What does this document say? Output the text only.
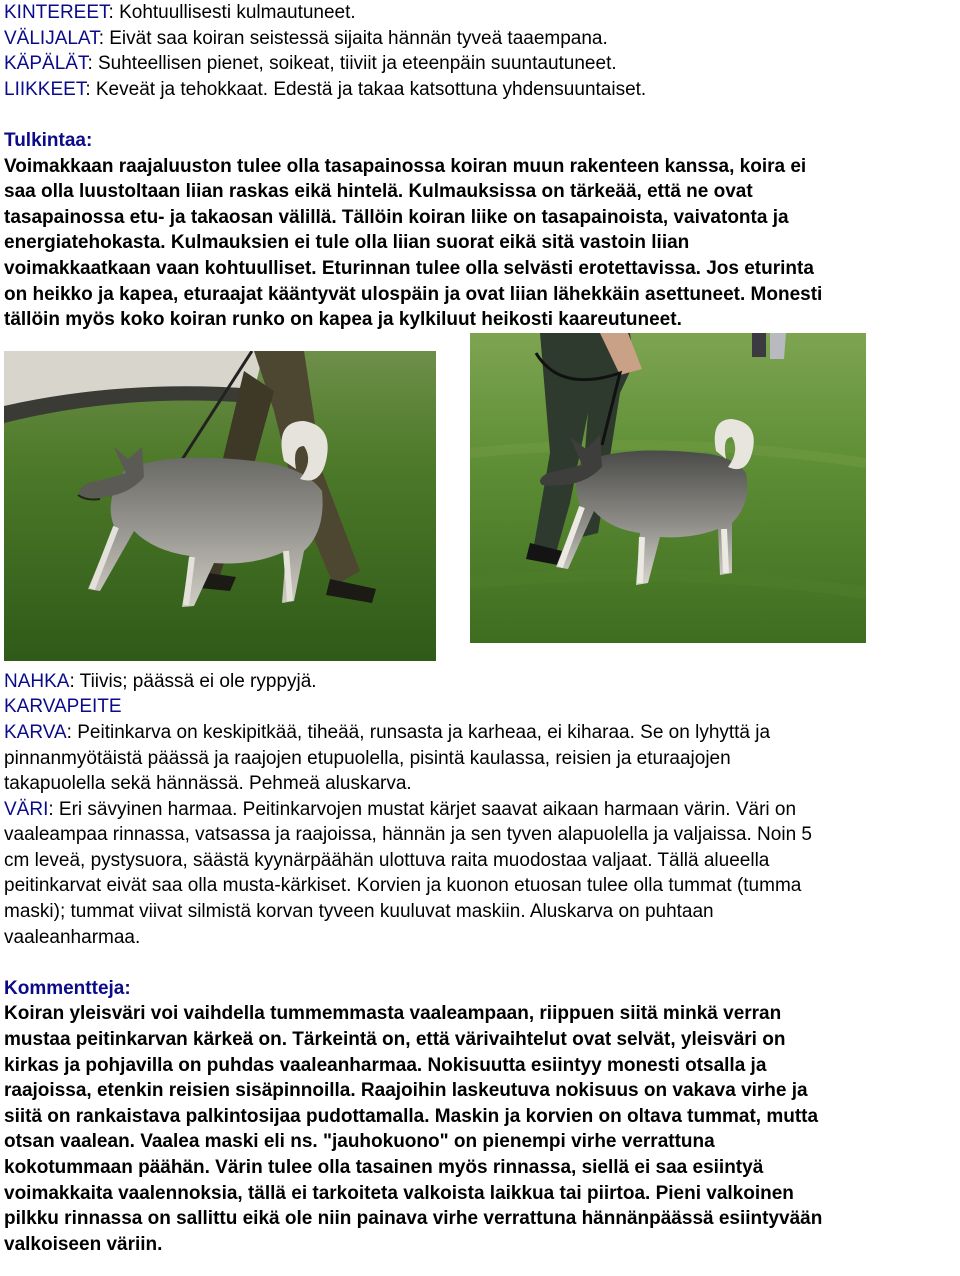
KINTEREET: Kohtuullisesti kulmautuneet.

VÄLIJALAT: Eivät saa koiran seistessä sijaita hännän tyveä taaempana.

KÄPÄLÄT: Suhteellisen pienet, soikeat, tiiviit ja eteenpäin suuntautuneet.

LIIKKEET: Keveät ja tehokkaat. Edestä ja takaa katsottuna yhdensuuntaiset.

Tulkintaa:

Voimakkaan raajaluuston tulee olla tasapainossa koiran muun rakenteen kanssa, koira ei

saa olla luustoltaan liian raskas eikä hintelä. Kulmauksissa on tärkeää, että ne ovat

tasapainossa etu- ja takaosan välillä. Tällöin koiran liike on tasapainoista, vaivatonta ja

energiatehokasta. Kulmauksien ei tule olla liian suorat eikä sitä vastoin liian

voimakkaatkaan vaan kohtuulliset. Eturinnan tulee olla selvästi erotettavissa. Jos eturinta

on heikko ja kapea, eturaajat kääntyvät ulospäin ja ovat liian lähekkäin asettuneet. Monesti

tällöin myös koko koiran runko on kapea ja kylkiluut heikosti kaareutuneet.

NAHKA: Tiivis; päässä ei ole ryppyjä.

KARVAPEITE

KARVA: Peitinkarva on keskipitkää, tiheää, runsasta ja karheaa, ei kiharaa. Se on lyhyttä ja

pinnanmyötäistä päässä ja raajojen etupuolella, pisintä kaulassa, reisien ja eturaajojen

takapuolella sekä hännässä. Pehmeä aluskarva.

VÄRI: Eri sävyinen harmaa. Peitinkarvojen mustat kärjet saavat aikaan harmaan värin. Väri on

vaaleampaa rinnassa, vatsassa ja raajoissa, hännän ja sen tyven alapuolella ja valjaissa. Noin 5

cm leveä, pystysuora, säästä kyynärpäähän ulottuva raita muodostaa valjaat. Tällä alueella

peitinkarvat eivät saa olla musta-kärkiset. Korvien ja kuonon etuosan tulee olla tummat (tumma

maski); tummat viivat silmistä korvan tyveen kuuluvat maskiin. Aluskarva on puhtaan

vaaleanharmaa.

Kommentteja:

Koiran yleisväri voi vaihdella tummemmasta vaaleampaan, riippuen siitä minkä verran

mustaa peitinkarvan kärkeä on. Tärkeintä on, että värivaihtelut ovat selvät, yleisväri on

kirkas ja pohjavilla on puhdas vaaleanharmaa. Nokisuutta esiintyy monesti otsalla ja

raajoissa, etenkin reisien sisäpinnoilla. Raajoihin laskeutuva nokisuus on vakava virhe ja

siitä on rankaistava palkintosijaa pudottamalla. Maskin ja korvien on oltava tummat, mutta

otsan vaalean. Vaalea maski eli ns. "jauhokuono" on pienempi virhe verrattuna

kokotummaan päähän. Värin tulee olla tasainen myös rinnassa, siellä ei saa esiintyä

voimakkaita vaalennoksia, tällä ei tarkoiteta valkoista laikkua tai piirtoa. Pieni valkoinen

pilkku rinnassa on sallittu eikä ole niin painava virhe verrattuna hännänpäässä esiintyvään

valkoiseen väriin.
